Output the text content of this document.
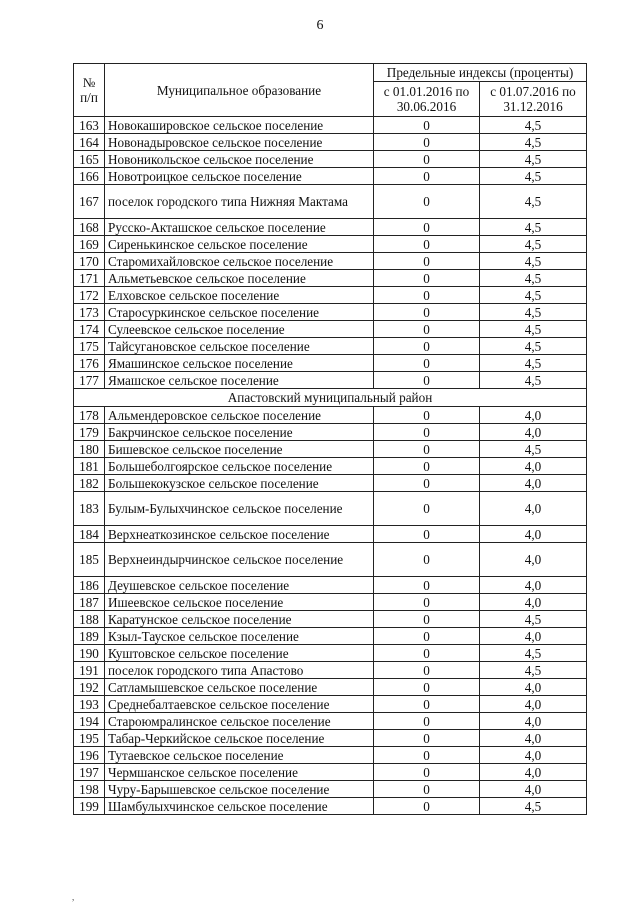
6
№ п/п	Муниципальное образование	Предельные индексы (проценты)	
		с 01.01.2016 по 30.06.2016	с 01.07.2016 по 31.12.2016
163	Новокашировское сельское поселение	0	4,5
164	Новонадыровское сельское поселение	0	4,5
165	Новоникольское сельское поселение	0	4,5
166	Новотроицкое сельское поселение	0	4,5
167	поселок городского типа Нижняя Мактама	0	4,5
168	Русско-Акташское сельское поселение	0	4,5
169	Сиренькинское сельское поселение	0	4,5
170	Старомихайловское сельское поселение	0	4,5
171	Альметьевское сельское поселение	0	4,5
172	Елховское сельское поселение	0	4,5
173	Старосуркинское сельское поселение	0	4,5
174	Сулеевское сельское поселение	0	4,5
175	Тайсугановское сельское поселение	0	4,5
176	Ямашинское сельское поселение	0	4,5
177	Ямашское сельское поселение	0	4,5
Апастовский муниципальный район			
178	Альмендеровское сельское поселение	0	4,0
179	Бакрчинское сельское поселение	0	4,0
180	Бишевское сельское поселение	0	4,5
181	Большеболгоярское сельское поселение	0	4,0
182	Большекокузское сельское поселение	0	4,0
183	Булым-Булыхчинское сельское поселение	0	4,0
184	Верхнеаткозинское сельское поселение	0	4,0
185	Верхнеиндырчинское сельское поселение	0	4,0
186	Деушевское сельское поселение	0	4,0
187	Ишеевское сельское поселение	0	4,0
188	Каратунское сельское поселение	0	4,5
189	Кзыл-Тауское сельское поселение	0	4,0
190	Куштовское сельское поселение	0	4,5
191	поселок городского типа Апастово	0	4,5
192	Сатламышевское сельское поселение	0	4,0
193	Среднебалтаевское сельское поселение	0	4,0
194	Староюмралинское сельское поселение	0	4,0
195	Табар-Черкийское сельское поселение	0	4,0
196	Тутаевское сельское поселение	0	4,0
197	Чермшанское сельское поселение	0	4,0
198	Чуру-Барышевское сельское поселение	0	4,0
199	Шамбулыхчинское сельское поселение	0	4,5
,
